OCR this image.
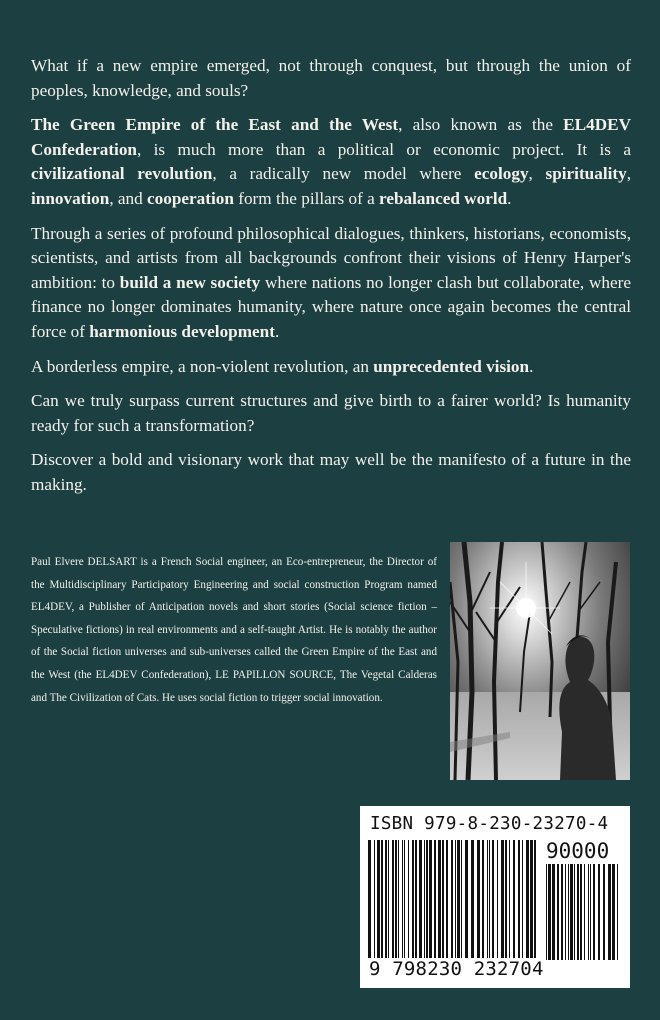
What if a new empire emerged, not through conquest, but through the union of peoples, knowledge, and souls?

The Green Empire of the East and the West, also known as the EL4DEV Confederation, is much more than a political or economic project. It is a civilizational revolution, a radically new model where ecology, spirituality, innovation, and cooperation form the pillars of a rebalanced world.

Through a series of profound philosophical dialogues, thinkers, historians, economists, scientists, and artists from all backgrounds confront their visions of Henry Harper's ambition: to build a new society where nations no longer clash but collaborate, where finance no longer dominates humanity, where nature once again becomes the central force of harmonious development.

A borderless empire, a non-violent revolution, an unprecedented vision.

Can we truly surpass current structures and give birth to a fairer world? Is humanity ready for such a transformation?

Discover a bold and visionary work that may well be the manifesto of a future in the making.

Paul Elvere DELSART is a French Social engineer, an Eco-entrepreneur, the Director of the Multidisciplinary Participatory Engineering and social construction Program named EL4DEV, a Publisher of Anticipation novels and short stories (Social science fiction – Speculative fictions) in real environments and a self-taught Artist. He is notably the author of the Social fiction universes and sub-universes called the Green Empire of the East and the West (the EL4DEV Confederation), LE PAPILLON SOURCE, The Vegetal Calderas and The Civilization of Cats. He uses social fiction to trigger social innovation.
ISBN 979-8-230-23270-4
90000
9 798230 232704
